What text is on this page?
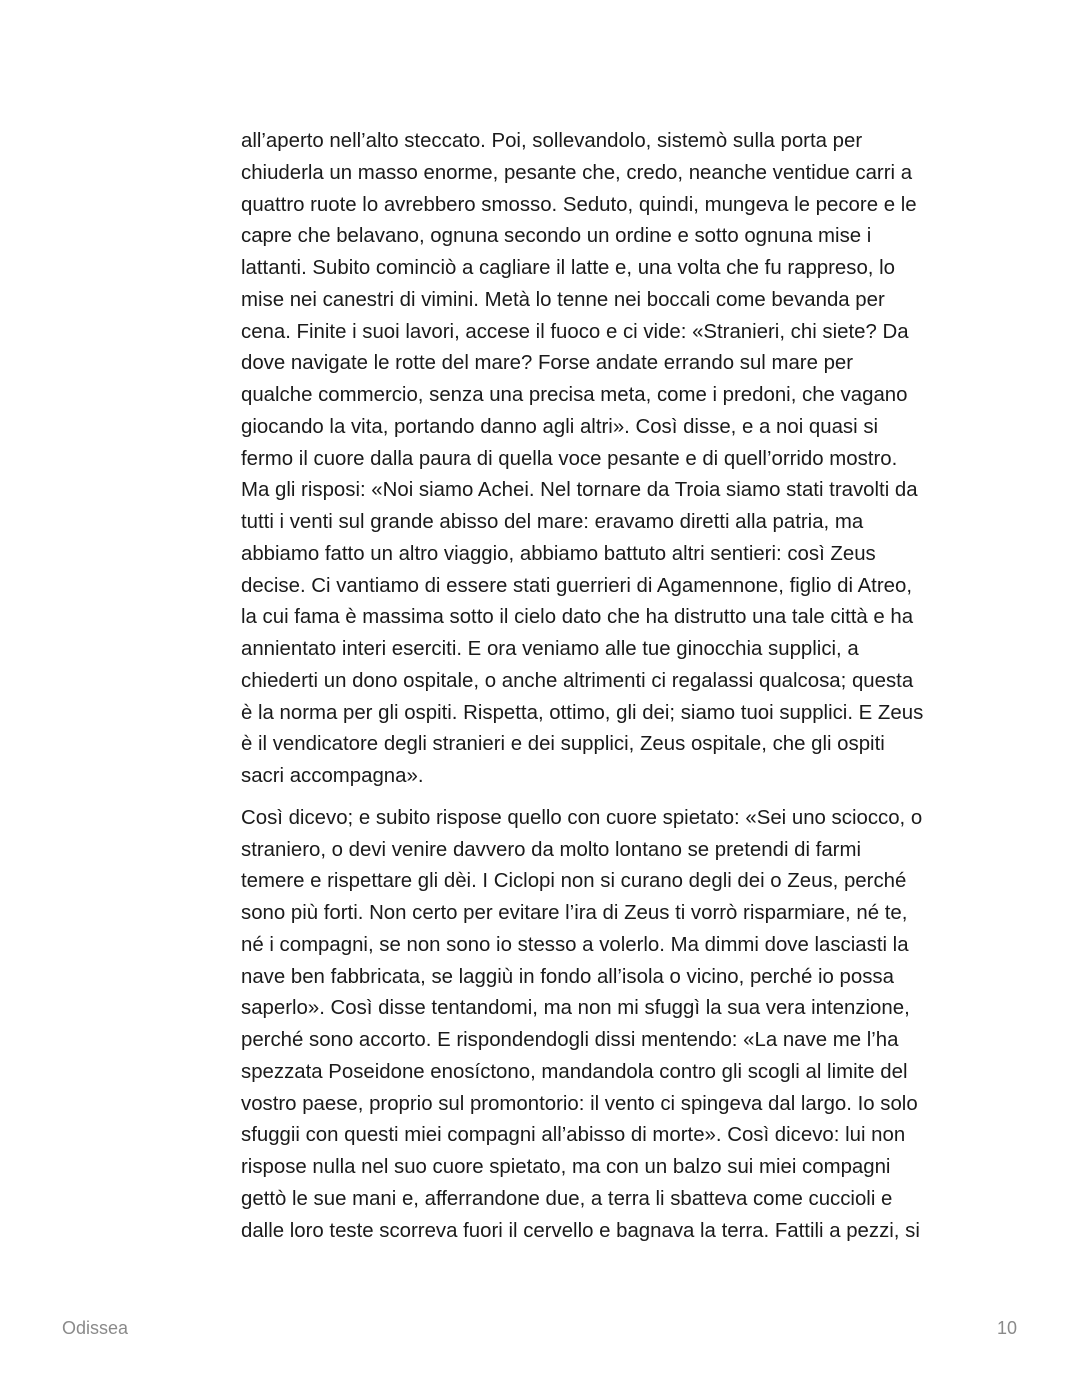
all’aperto nell’alto steccato. Poi, sollevandolo, sistemò sulla porta per
chiuderla un masso enorme, pesante che, credo, neanche ventidue carri a
quattro ruote lo avrebbero smosso. Seduto, quindi, mungeva le pecore e le
capre che belavano, ognuna secondo un ordine e sotto ognuna mise i
lattanti. Subito cominciò a cagliare il latte e, una volta che fu rappreso, lo
mise nei canestri di vimini. Metà lo tenne nei boccali come bevanda per
cena. Finite i suoi lavori, accese il fuoco e ci vide: «Stranieri, chi siete? Da
dove navigate le rotte del mare? Forse andate errando sul mare per
qualche commercio, senza una precisa meta, come i predoni, che vagano
giocando la vita, portando danno agli altri». Così disse, e a noi quasi si
fermo il cuore dalla paura di quella voce pesante e di quell’orrido mostro.
Ma gli risposi: «Noi siamo Achei. Nel tornare da Troia siamo stati travolti da
tutti i venti sul grande abisso del mare: eravamo diretti alla patria, ma
abbiamo fatto un altro viaggio, abbiamo battuto altri sentieri: così Zeus
decise. Ci vantiamo di essere stati guerrieri di Agamennone, figlio di Atreo,
la cui fama è massima sotto il cielo dato che ha distrutto una tale città e ha
annientato interi eserciti. E ora veniamo alle tue ginocchia supplici, a
chiederti un dono ospitale, o anche altrimenti ci regalassi qualcosa; questa
è la norma per gli ospiti. Rispetta, ottimo, gli dei; siamo tuoi supplici. E Zeus
è il vendicatore degli stranieri e dei supplici, Zeus ospitale, che gli ospiti
sacri accompagna».

Così dicevo; e subito rispose quello con cuore spietato: «Sei uno sciocco, o
straniero, o devi venire davvero da molto lontano se pretendi di farmi
temere e rispettare gli dèi. I Ciclopi non si curano degli dei o Zeus, perché
sono più forti. Non certo per evitare l’ira di Zeus ti vorrò risparmiare, né te,
né i compagni, se non sono io stesso a volerlo. Ma dimmi dove lasciasti la
nave ben fabbricata, se laggiù in fondo all’isola o vicino, perché io possa
saperlo». Così disse tentandomi, ma non mi sfuggì la sua vera intenzione,
perché sono accorto. E rispondendogli dissi mentendo: «La nave me l’ha
spezzata Poseidone enosíctono, mandandola contro gli scogli al limite del
vostro paese, proprio sul promontorio: il vento ci spingeva dal largo. Io solo
sfuggii con questi miei compagni all’abisso di morte». Così dicevo: lui non
rispose nulla nel suo cuore spietato, ma con un balzo sui miei compagni
gettò le sue mani e, afferrandone due, a terra li sbatteva come cuccioli e
dalle loro teste scorreva fuori il cervello e bagnava la terra. Fattili a pezzi, si

Odissea	10
